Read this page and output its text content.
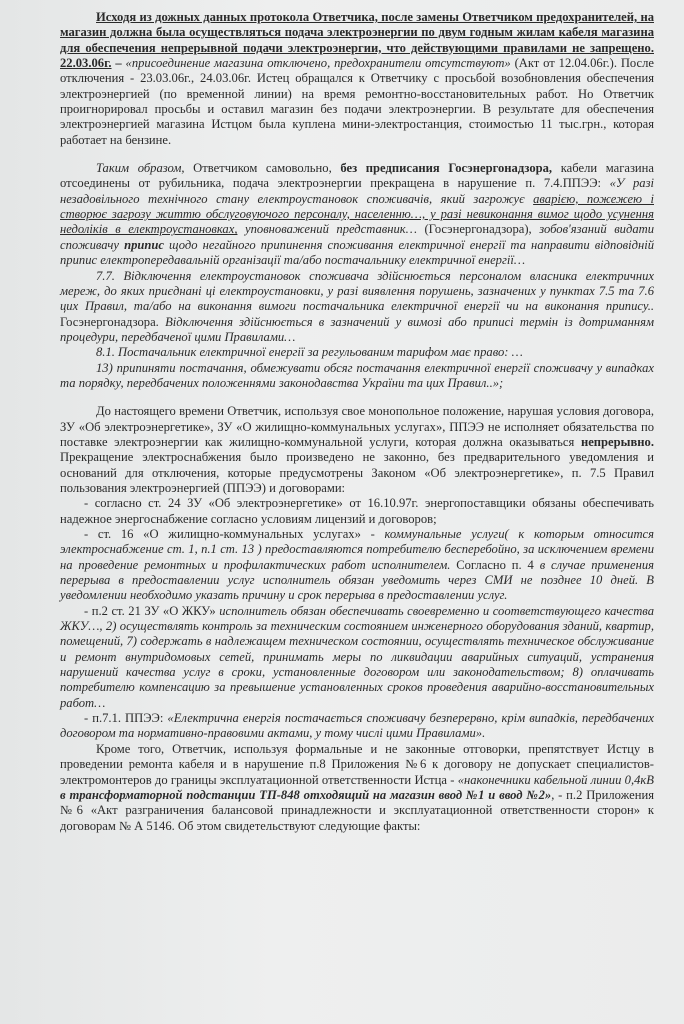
Исходя из дожных данных протокола Ответчика, после замены Ответчиком предохранителей, на магазин должна была осуществляться подача электроэнергии по двум годным жилам кабеля магазина для обеспечения непрерывной подачи электроэнергии, что действующими правилами не запрещено. 22.03.06г. – «присоединение магазина отключено, предохранители отсутствуют» (Акт от 12.04.06г.). После отключения - 23.03.06г., 24.03.06г. Истец обращался к Ответчику с просьбой возобновления обеспечения электроэнергией (по временной линии) на время ремонтно-восстановительных работ. Но Ответчик проигнорировал просьбы и оставил магазин без подачи электроэнергии. В результате для обеспечения электроэнергией магазина Истцом была куплена мини-электростанция, стоимостью 11 тыс.грн., которая работает на бензине.

Таким образом, Ответчиком самовольно, без предписания Госэнергонадзора, кабели магазина отсоединены от рубильника, подача электроэнергии прекращена в нарушение п. 7.4.ППЭЭ: «У разі незадовільного технічного стану електроустановок споживачів, який загрожує аварією, пожежею і створює загрозу життю обслуговуючого персоналу, населенню…, у разі невиконання вимог щодо усунення недоліків в електроустановках, уповноважений представник… (Госэнергонадзора), зобов'язаний видати споживачу припис щодо негайного припинення споживання електричної енергії та направити відповідній припис електропередавальній організації та/або постачальнику електричної енергії…

7.7. Відключення електроустановок споживача здійснюється персоналом власника електричних мереж, до яких приєднані ці електроустановки, у разі виявлення порушень, зазначених у пунктах 7.5 та 7.6 цих Правил, та/або на виконання вимоги постачальника електричної енергії чи на виконання припису.. Госэнергонадзора. Відключення здійснюється в зазначений у вимозі або приписі термін із дотриманням процедури, передбаченої цими Правилами…

8.1. Постачальник електричної енергії за регульованим тарифом має право: …

13) припиняти постачання, обмежувати обсяг постачання електричної енергії споживачу у випадках та порядку, передбачених положеннями законодавства України та цих Правил..»;

До настоящего времени Ответчик, используя свое монопольное положение, нарушая условия договора, ЗУ «Об электроэнергетике», ЗУ «О жилищно-коммунальных услугах», ППЭЭ не исполняет обязательства по поставке электроэнергии как жилищно-коммунальной услуги, которая должна оказываться непрерывно. Прекращение электроснабжения было произведено не законно, без предварительного уведомления и оснований для отключения, которые предусмотрены Законом «Об электроэнергетике», п. 7.5 Правил пользования электроэнергией (ППЭЭ) и договорами:

- согласно ст. 24 ЗУ «Об электроэнергетике» от 16.10.97г. энергопоставщики обязаны обеспечивать надежное энергоснабжение согласно условиям лицензий и договоров;

- ст. 16 «О жилищно-коммунальных услугах» - коммунальные услуги( к которым относится электроснабжение ст. 1, п.1 ст. 13 ) предоставляются потребителю бесперебойно, за исключением времени на проведение ремонтных и профилактических работ исполнителем. Согласно п. 4 в случае применения перерыва в предоставлении услуг исполнитель обязан уведомить через СМИ не позднее 10 дней. В уведомлении необходимо указать причину и срок перерыва в предоставлении услуг.

- п.2 ст. 21 ЗУ «О ЖКУ» исполнитель обязан обеспечивать своевременно и соответствующего качества ЖКУ…, 2) осуществлять контроль за техническим состоянием инженерного оборудования зданий, квартир, помещений, 7) содержать в надлежащем техническом состоянии, осуществлять техническое обслуживание и ремонт внутридомовых сетей, принимать меры по ликвидации аварийных ситуаций, устранения нарушений качества услуг в сроки, установленные договором или законодательством; 8) оплачивать потребителю компенсацию за превышение установленных сроков проведения аварийно-восстановительных работ…

- п.7.1. ППЭЭ: «Електрична енергія постачається споживачу безперервно, крім випадків, передбачених договором та нормативно-правовими актами, у тому числі цими Правилами».

Кроме того, Ответчик, используя формальные и не законные отговорки, препятствует Истцу в проведении ремонта кабеля и в нарушение п.8 Приложения №6 к договору не допускает специалистов-электромонтеров до границы эксплуатационной ответственности Истца - «наконечники кабельной линии 0,4кВ в трансформаторной подстанции ТП-848 отходящий на магазин ввод №1 и ввод №2», - п.2 Приложения №6 «Акт разграничения балансовой принадлежности и эксплуатационной ответственности сторон» к договорам № А 5146. Об этом свидетельствуют следующие факты:
